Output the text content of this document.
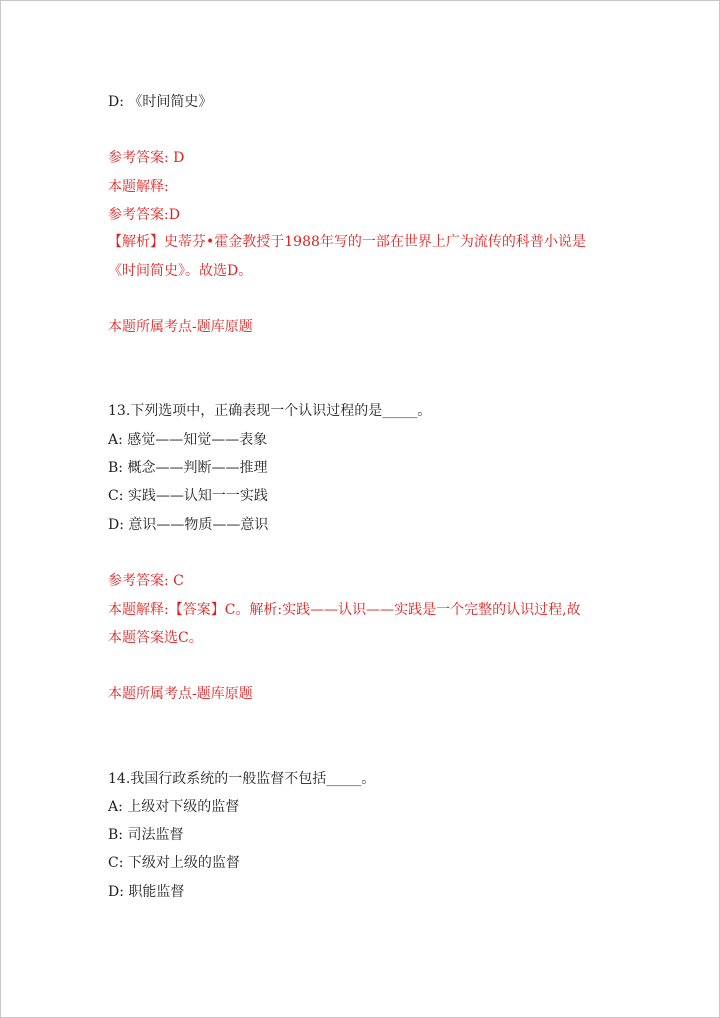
D: 《时间简史》
参考答案: D
本题解释:
参考答案:D
【解析】史蒂芬•霍金教授于1988年写的一部在世界上广为流传的科普小说是
《时间简史》。故选D。
本题所属考点-题库原题
13.下列选项中，正确表现一个认识过程的是_____。
A: 感觉——知觉——表象
B: 概念——判断——推理
C: 实践——认知一一实践
D: 意识——物质——意识
参考答案: C
本题解释:【答案】C。解析:实践——认识——实践是一个完整的认识过程,故
本题答案选C。
本题所属考点-题库原题
14.我国行政系统的一般监督不包括_____。
A: 上级对下级的监督
B: 司法监督
C: 下级对上级的监督
D: 职能监督
